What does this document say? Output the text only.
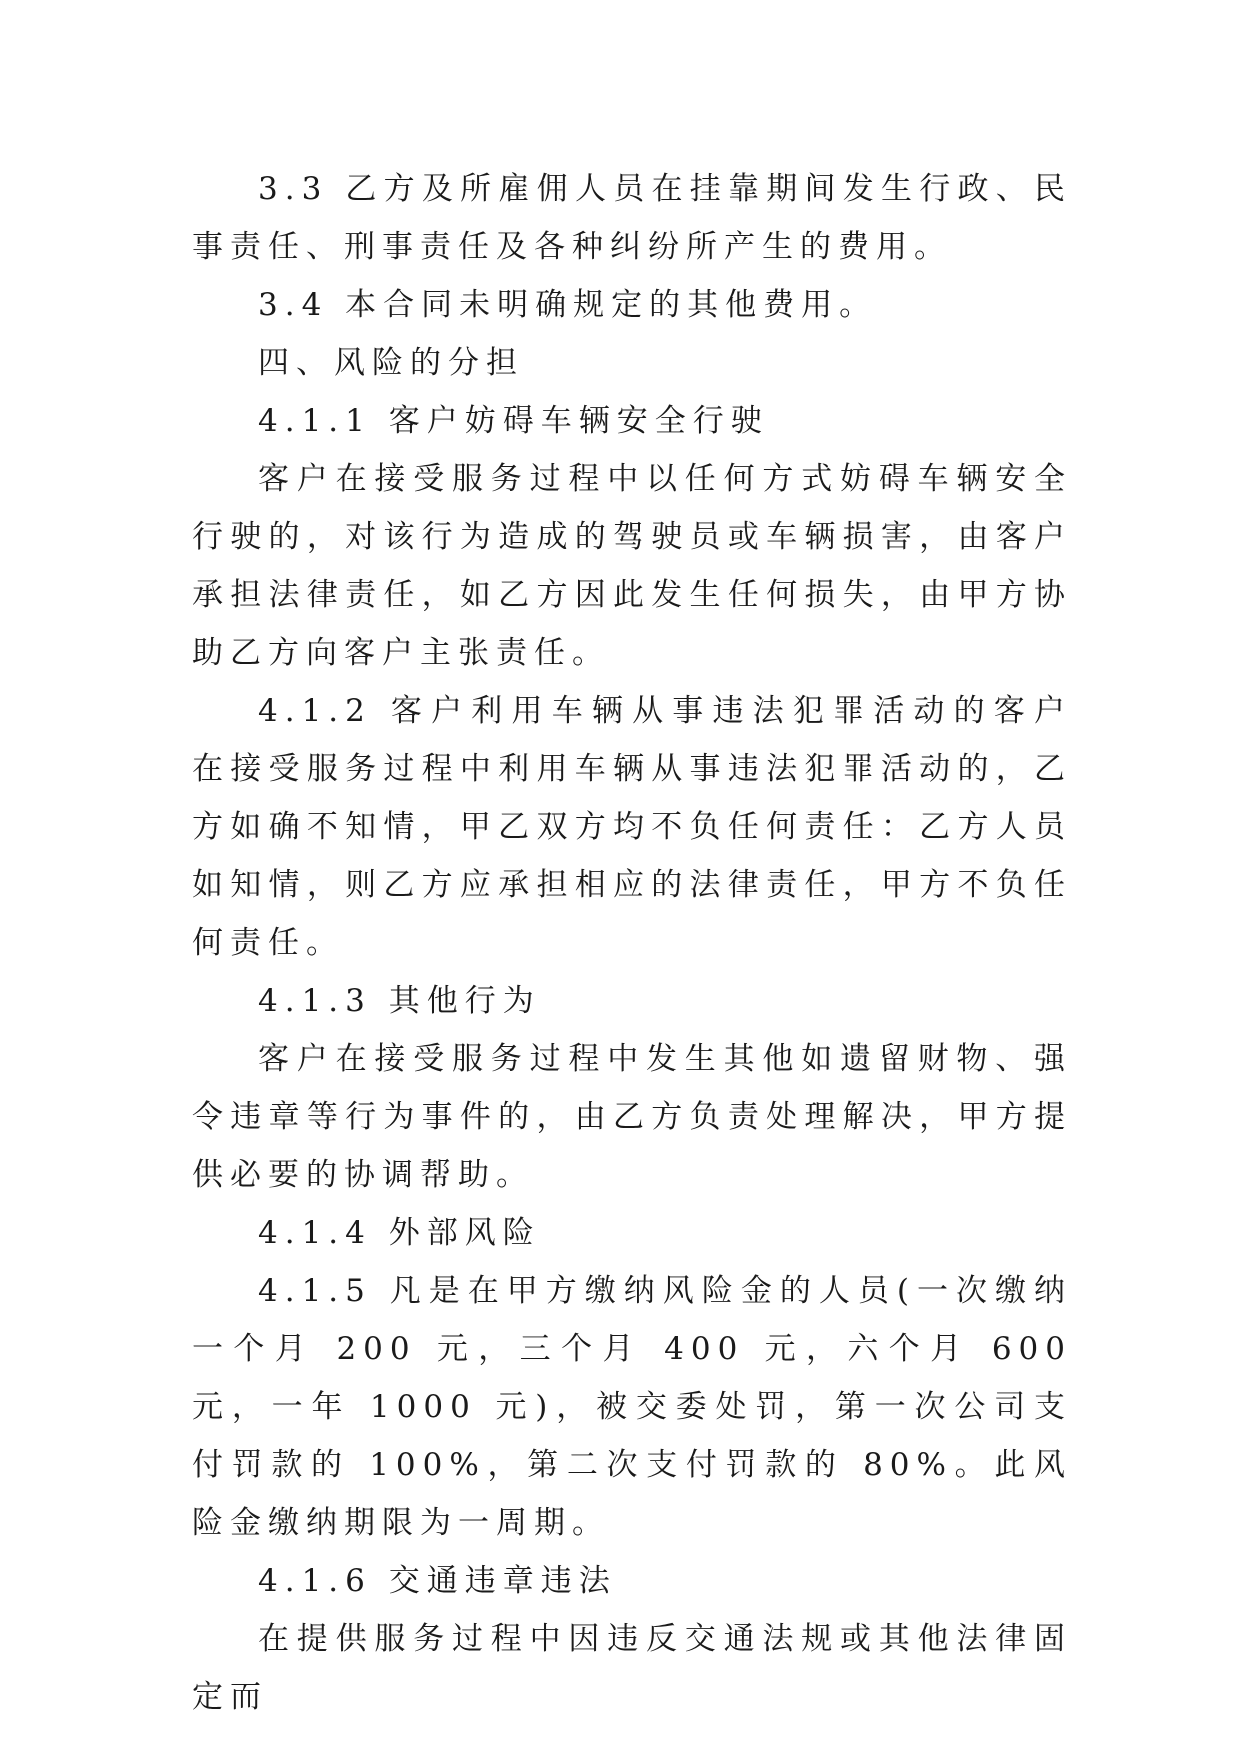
3.3 乙方及所雇佣人员在挂靠期间发生行政、民事责任、刑事责任及各种纠纷所产生的费用。

3.4 本合同未明确规定的其他费用。

四、风险的分担

4.1.1 客户妨碍车辆安全行驶

客户在接受服务过程中以任何方式妨碍车辆安全行驶的，对该行为造成的驾驶员或车辆损害，由客户承担法律责任，如乙方因此发生任何损失，由甲方协助乙方向客户主张责任。

4.1.2 客户利用车辆从事违法犯罪活动的客户在接受服务过程中利用车辆从事违法犯罪活动的，乙方如确不知情，甲乙双方均不负任何责任：乙方人员如知情，则乙方应承担相应的法律责任，甲方不负任何责任。

4.1.3 其他行为

客户在接受服务过程中发生其他如遗留财物、强令违章等行为事件的，由乙方负责处理解决，甲方提供必要的协调帮助。

4.1.4 外部风险

4.1.5 凡是在甲方缴纳风险金的人员(一次缴纳一个月 200 元，三个月 400 元，六个月 600 元，一年 1000 元)，被交委处罚，第一次公司支付罚款的 100%，第二次支付罚款的 80%。此风险金缴纳期限为一周期。

4.1.6 交通违章违法

在提供服务过程中因违反交通法规或其他法律固定而
